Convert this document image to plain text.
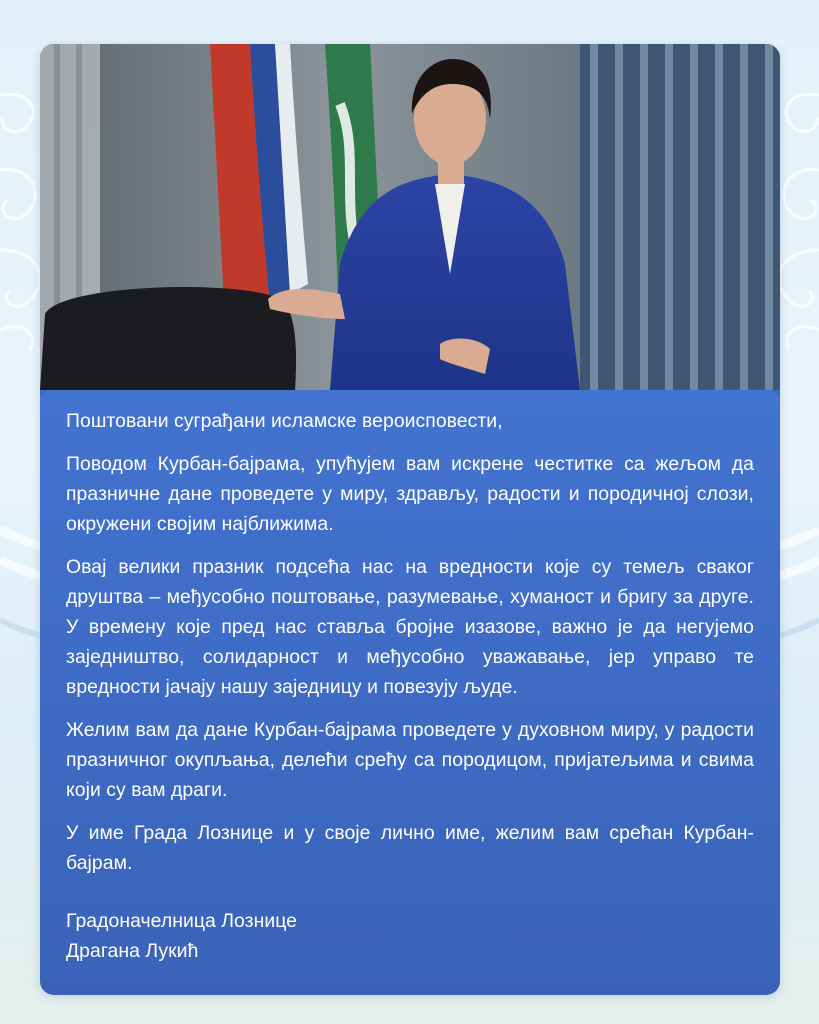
Поштовани суграђани исламске вероисповести,

Поводом Курбан-бајрама, упућујем вам искрене честитке са жељом да празничне дане проведете у миру, здрављу, радости и породичној слози, окружени својим најближима.

Овај велики празник подсећа нас на вредности које су темељ сваког друштва – међусобно поштовање, разумевање, хуманост и бригу за друге. У времену које пред нас ставља бројне изазове, важно је да негујемо заједништво, солидарност и међусобно уважавање, јер управо те вредности јачају нашу заједницу и повезују људе.

Желим вам да дане Курбан-бајрама проведете у духовном миру, у радости празничног окупљања, делећи срећу са породицом, пријатељима и свима који су вам драги.

У име Града Лознице и у своје лично име, желим вам срећан Курбан-бајрам.

Градоначелница Лознице

Драгана Лукић
